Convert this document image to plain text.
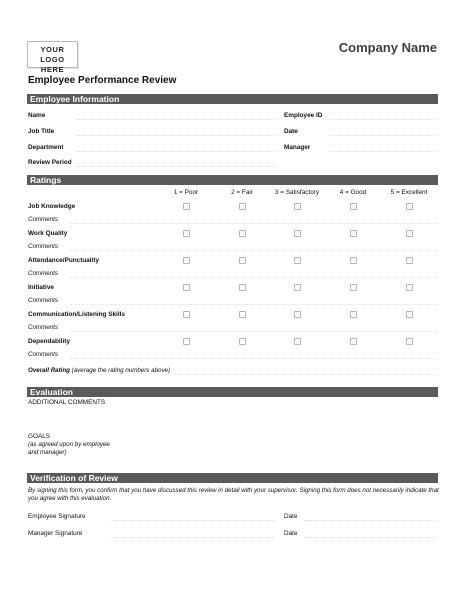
YOUR LOGO
HERE
Company Name
Employee Performance Review
Employee Information
Name	Employee ID
Job Title	Date
Department	Manager
Review Period
Ratings
1 = Poor	2 = Fair	3 = Satisfactory	4 = Good	5 = Excellent
Job Knowledge
Comments
Work Quality
Comments
Attendance/Punctuality
Comments
Initiative
Comments
Communication/Listening Skills
Comments
Dependability
Comments
Overall Rating (average the rating numbers above)
Evaluation
ADDITIONAL COMMENTS
GOALS
(as agreed upon by employee
and manager)
Verification of Review
By signing this form, you confirm that you have discussed this review in detail with your supervisor. Signing this form does not necessarily indicate that
you agree with this evaluation.
Employee Signature	Date
Manager Signature	Date
